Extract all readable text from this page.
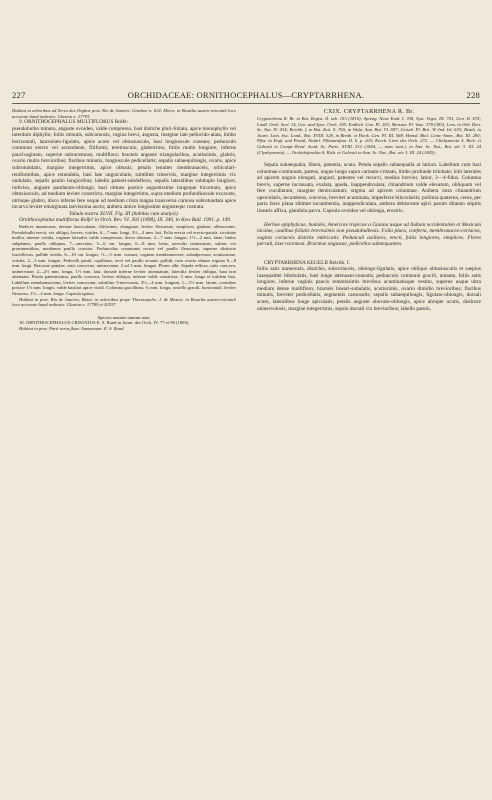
227	ORCHIDACEAE: ORNITHOCEPHALUS—CRYPTARRHENA.	228

Habitat in arboribus ad Serra dos Orgãos prov. Rio de Janeiro: Gardner n. 632, Miers; in Brasilia austro-orientali loco accurato haud indicato: Glaziou n. 17793.

9. ORNITHOCEPHALUS MULTIFLORUS Rolfe:

pseudobulbo minuto, anguste ovoideo, valde compresso, basi distiche pluri-foliato, apice monophyllo vel interdum diphyllo; foliis minutis, subcarnosis, vagina brevi, angusta, margine late pellucido-alata, limbo horizontali, lanceolato-ligulato, apice acuto vel obtusiusculo, basi longiuscule cuneato; pedunculo communi erecto vel ascendente, filiformi, teretiusculo, glaberrimo, foliis multo longiore, inferne paucivaginato, superne subracemoso, multifloro; bracteis anguste triangularibus, acutissimis, glabris, ovario multo brevioribus; floribus minutis, longiuscule pedicellatis; sepalis subaequilongis, ovatis, apice subrotundatis, margine integerrimis, apice obtusis; petalis tenuiter membranaceis, orbiculari-reniformibus, apice rotundatis, basi late unguiculatis, subtiliter trinerviis, margine integerrimis vix undulatis, sepalis paullo longioribus; labello patenti-subdeflexo, sepalis lateralibus subduplo longiore, indiviso, anguste pandurato-oblongo, basi obtuso postice angustissime longeque bicornuto, apice obtusiusculo, ad medium leviter constricto, margine integerrimo, supra medium profundiuscule excavato, utrinque glabro, disco inferne fere usque ad medium crista magna transversa carnosa subrotundata apice incurva leviter emarginata laevissima aucto; anthera antice longissime angustequc rostrata.

Tabula nostra XLVII. Fig. III (habitus cum analysi).

Ornithocephalus multiflorus Rolfe! in Orch. Rev. VI. 302 (1898), IX. 340, in Kew Bull. 1901. p. 149.

Radices numerosae, densae fasciculatae, filiformes, elongatae, leviter flexuosae, simplices, glabrae, albescentes. Pseudobulbi erecti, vix obliqui, laeves, virides, 6—7 mm. longi, 3½—4 mm. lati. Folia erecta vel erecto-patula, sicciitate mollia, intense viridia, vaginae laterales valde compressae, dorso obtusae, 4—7 mm. longae, 1½—2 mm. latae; limbo subplanus, paullo obliquus, 7—nervatus, 3—6 cm. longus, 6—8 mm. latus, nervulis tenuissimis, subtus vix prominentibus, medianus paullo crassior. Pedunculus communis rectus vel paullo flexuosus, superne distincte fractiflexus, pallide viridis, 6—10 cm. longus, ½—⅓ mm. crassus; vaginae membranaceae, subadpressae, acutissimae, virides, 2—3 mm. longae. Pedicelli patuli, capillares, recti vel paullo arcuati, pallidi, cum ovario obtuse trigono 6—8 mm. longi. Bracteae patulae, satis concavae, uninervatae, 2 ad 3 mm. longae. Flores albi. Sepala reflexa, satis concava, uninervatae, 2—2½ mm. longa, 1½ mm. lata, dorsale inferne leviter attenuatum, lateralia leviter obliqua, basi non attenuata. Petala patentissima, paullo concava, leviter obliqua, inferne valde constricta, 3 mm. longa et totidem lata. Labellum membranaceum, leviter concavum, subtiliter 5-nervosum, 3½—4 mm. longum, 1—1½ mm. latum, cornubus postice 1½ mm. longis, valde basilari apice viridi. Columna gracillima, ¾ mm. longa, rostello gracili, horizontali, leviter flexuoso, 1½—2 mm. longo. Capsula ignota.

Habitat in prov. Rio de Janeiro; Binot; in arboribus prope Theresopolis: J. de Moura; in Brasilia austro-orientali loco accurato haud indicato: Glaziou n. 17789 et 20537.

Species nomine tantum nota.

10. ORNITHOCEPHALUS CRISTATUS E. S. Rand in Journ. des Orch. IV. 77 et 90 (1893).

Habitat in prov. Pará verus flum. Amazonum: E. S. Rand.

CXIX. CRYPTARRHENA R. Br.

Cryptarrhena R. Br. in Bot. Regist. II. tab. 153 (1816); Spreng. Neue Entd. I. 338, Syst. Veget. III. 741, Gen. II. 674; Lindl. Orch. Scel. 14, Gen. and Spec. Orch. 195; Endlich. Gen. Pl. 203; Meisner. Pl. Vasc. 378 (383); Lem. in Orb. Dict. Sc. Nat. IV. 434; Reichb. f. in Bot. Zeit. X. 765, in Walp. Ann. Bot. VI. 697; Griseb. Fl. Brit. W.-Ind. Isl. 633; Benth. in Journ. Linn. Soc. Lond., Bot. XVIII. 329, in Benth. et Hook. Gen. Pl. III. 568; Hemsl. Biol. Centr.-Amer., Bot. III. 290; Pfitz. in Engl. und Prantl, Natürl. Pflanzenfam. II. 6. p. 203; Kerch. Livre des Orch. 272. — Clinhymenia A. Rich. et Galeotti in Compt.-Rend. Acad. Sc. Paris. XVIII. 512 (1844, — nom. tant.), in Ann. Sc. Nat., Bot. sér. 3. III. 24 (Clynhymenia). — Orchidofunckia A. Rich. et Galeotti in Ann. Sc. Nat., Bot. sér. 3. III. 24 (1845).

Sepala subaequalia, libera, patentia, acuta. Petala sepalis subaequalia at latiora. Labellum cum basi columnae continuum, patens, ungue longo supra carinato-cristato, limbo profunde trilobato; lobi laterales ad apicem unguis elongati, angusti, patentes vel recurvi, medius brevior, latior, 2—4-fidus. Columna brevis, superne incrassata, exalata, apoda, inappendiculata; clinandrium valde elevatum, obliquum vel fere cucullatum, margine denticulatum; stigma ad apicem columnae. Anthera intra clinandrium opercularis, incumbens, convexa, breviter acuminata, imperfecte biloculariis; pollinia quaterna, cerea, per paria facie plana sibimet incumbentia, inappendiculata, anthera dehiscente apici parum dilatato stipitis linearis affixa, glandula parva. Capsula ovoidea vel oblonga, erostris.

Herbae epiphyticae, humiles, Americae tropicae a Guiana usque ad Indiam occidentalem et Mexicum incolae, caulibus foliatis brevissimis non pseudobulbosis. Folia plura, conferta, membranaceo-coriacea, vaginis coriaceis distiche imbricatis. Pedunculi axillares, erecti, foliis longiores, simplices. Flores parvuli, laxe racemosi. Bracteae angustae, pedicellos subaequantes.

CRYPTARRHENA KEGELII Reichb. f.

foliis satis numerosis, distichis, subcoriaceis, oblongo-ligulatis, apice obliquo obtusiusculis et saepius inaequaliter bilobulatis, basi longe attenuato-cuneatis; pedunculo communi gracili, nutante, foliis satis longiore, inferne vaginis paucis remotissimis brevibus acuminatisque vestito, superne usque ultra medium dense multifloro; bracteis lineari-subulatis, acutissimis, ovario dimidio brevioribus; floribus minutis, breviter pedicellatis, segmentis carnosulis; sepalis subaequilongis, ligulato-oblongis, dorsali acuto, lateralibus longe apiculatis; petalis anguste obovato-oblongis, apice abrupte acutis, distincte uninervulosis, margine integerrimis, sepalo dorsali vix brevioribus; labello patulo,
